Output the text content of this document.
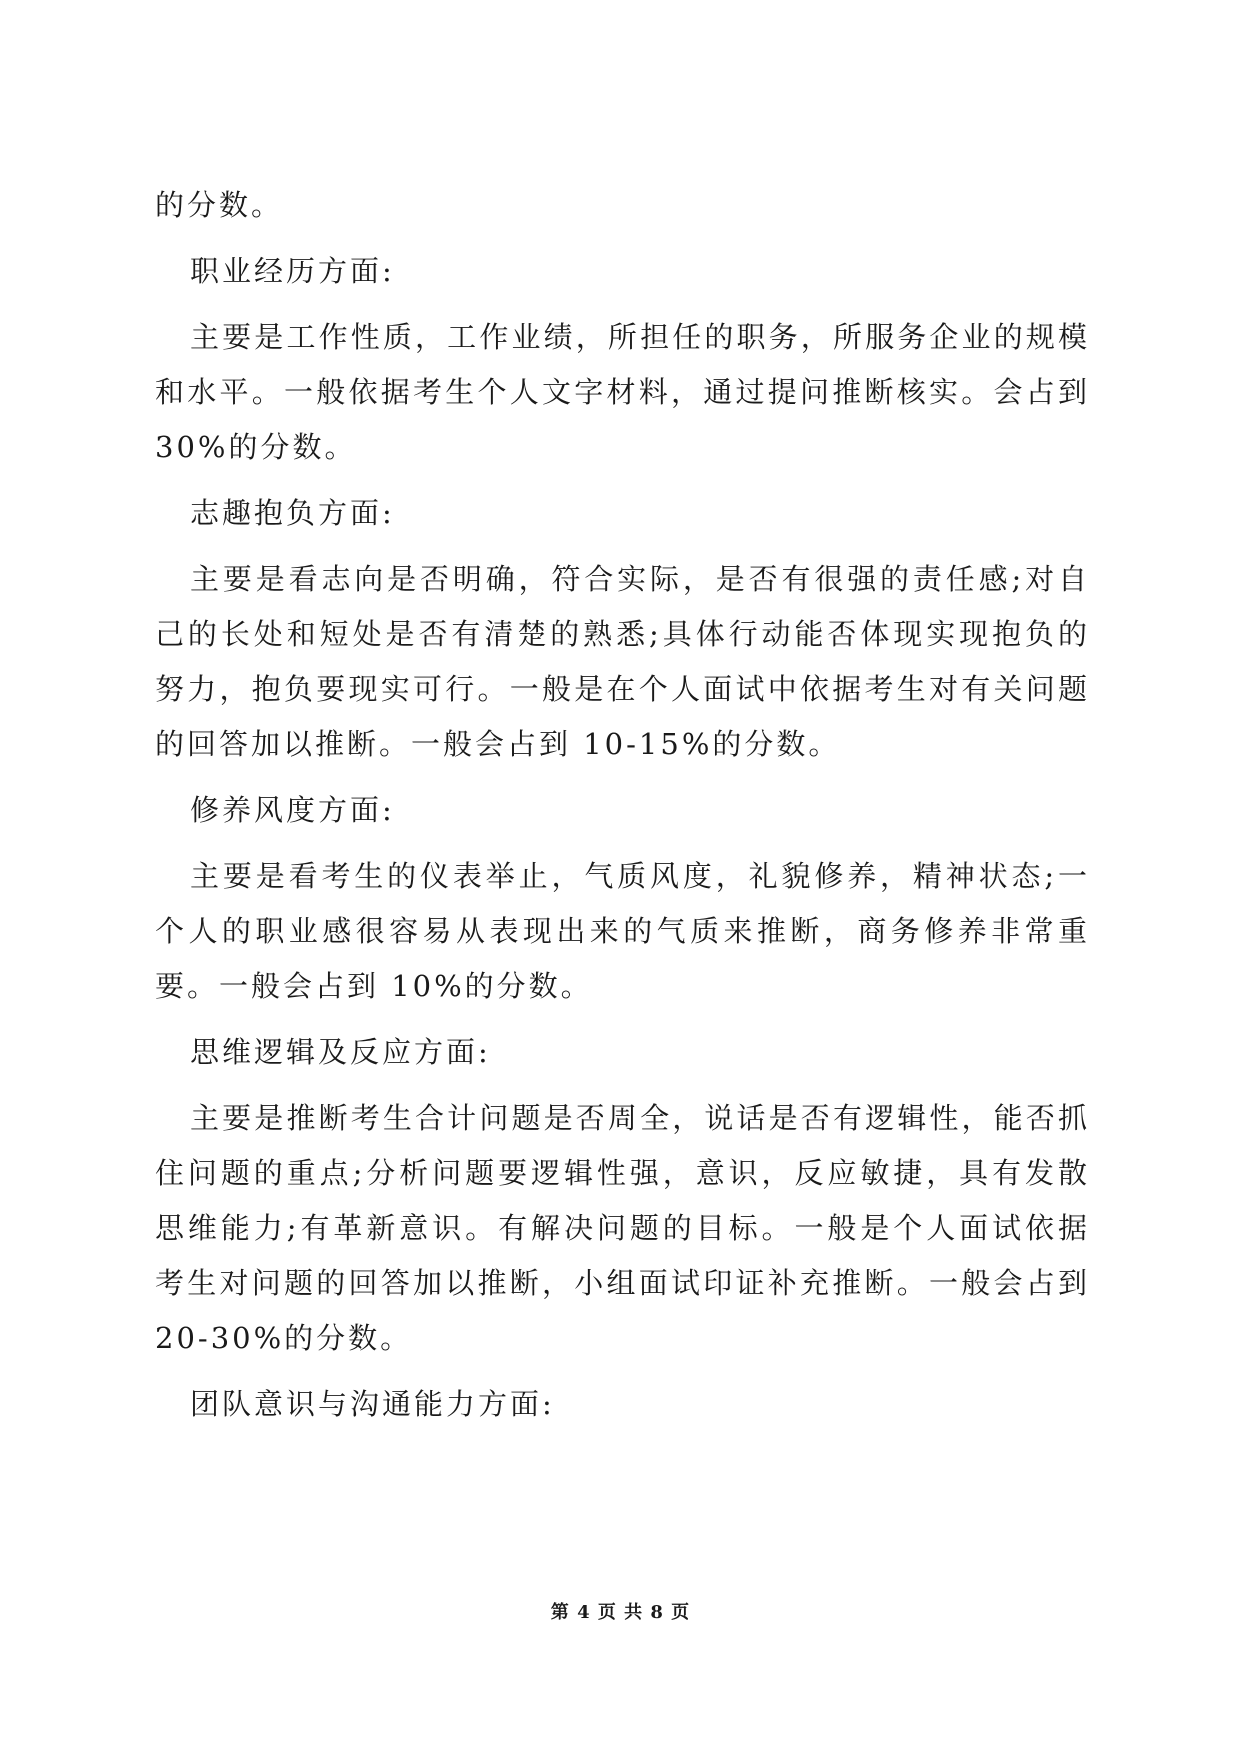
的分数。

职业经历方面:

主要是工作性质，工作业绩，所担任的职务，所服务企业的规模和水平。一般依据考生个人文字材料，通过提问推断核实。会占到 30%的分数。

志趣抱负方面:

主要是看志向是否明确，符合实际，是否有很强的责任感;对自己的长处和短处是否有清楚的熟悉;具体行动能否体现实现抱负的努力，抱负要现实可行。一般是在个人面试中依据考生对有关问题的回答加以推断。一般会占到 10-15%的分数。

修养风度方面:

主要是看考生的仪表举止，气质风度，礼貌修养，精神状态;一个人的职业感很容易从表现出来的气质来推断，商务修养非常重要。一般会占到 10%的分数。

思维逻辑及反应方面:

主要是推断考生合计问题是否周全，说话是否有逻辑性，能否抓住问题的重点;分析问题要逻辑性强，意识，反应敏捷，具有发散思维能力;有革新意识。有解决问题的目标。一般是个人面试依据考生对问题的回答加以推断，小组面试印证补充推断。一般会占到 20-30%的分数。

团队意识与沟通能力方面:

第 4 页 共 8 页
